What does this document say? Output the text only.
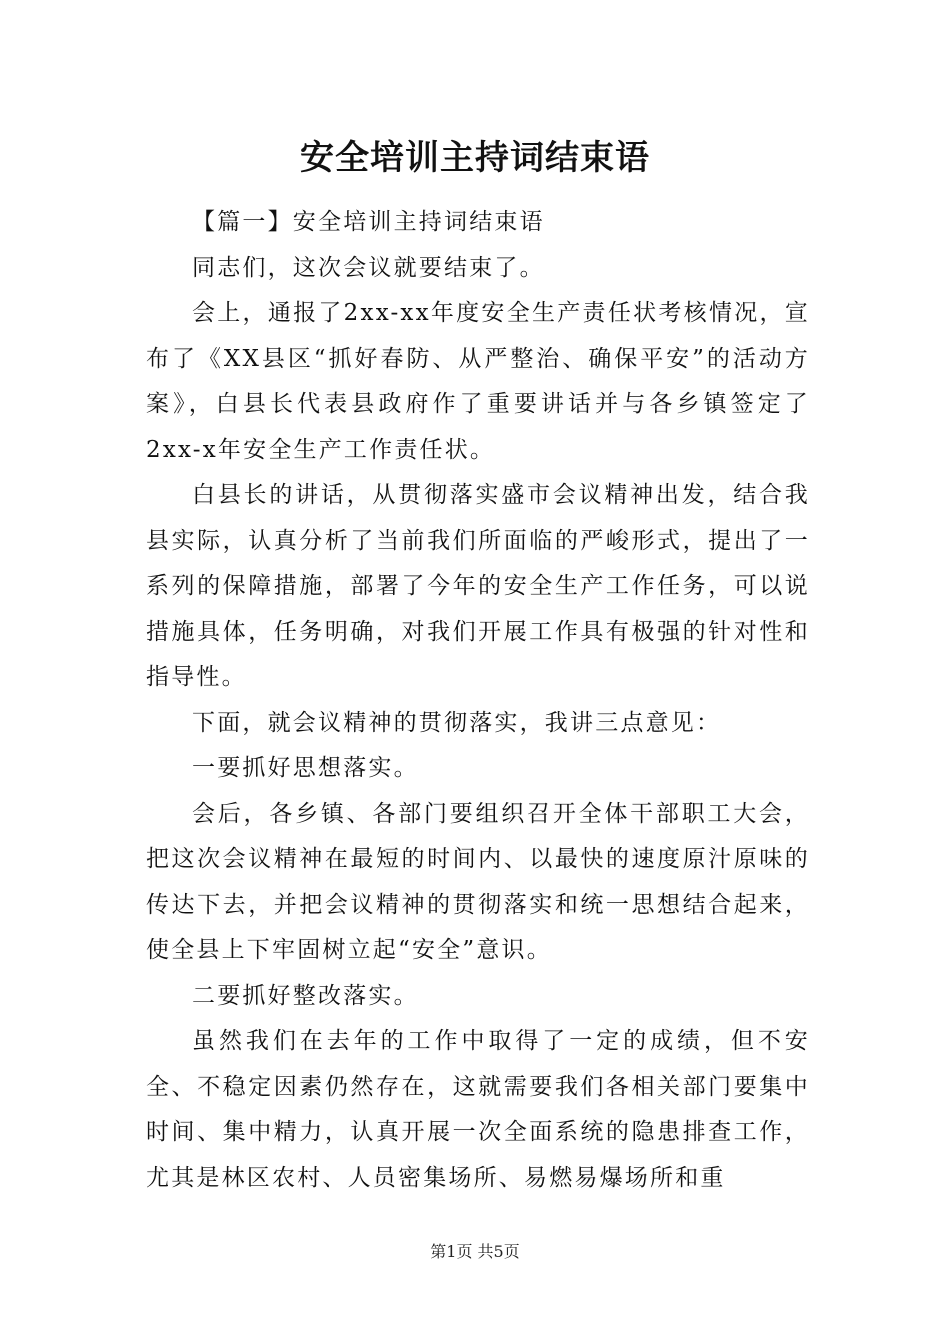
安全培训主持词结束语

【篇一】安全培训主持词结束语

同志们，这次会议就要结束了。

会上，通报了2xx-xx年度安全生产责任状考核情况，宣布了《XX县区“抓好春防、从严整治、确保平安”的活动方案》，白县长代表县政府作了重要讲话并与各乡镇签定了2xx-x年安全生产工作责任状。

白县长的讲话，从贯彻落实盛市会议精神出发，结合我县实际，认真分析了当前我们所面临的严峻形式，提出了一系列的保障措施，部署了今年的安全生产工作任务，可以说措施具体，任务明确，对我们开展工作具有极强的针对性和指导性。

下面，就会议精神的贯彻落实，我讲三点意见：

一要抓好思想落实。

会后，各乡镇、各部门要组织召开全体干部职工大会，把这次会议精神在最短的时间内、以最快的速度原汁原味的传达下去，并把会议精神的贯彻落实和统一思想结合起来，使全县上下牢固树立起“安全”意识。

二要抓好整改落实。

虽然我们在去年的工作中取得了一定的成绩，但不安全、不稳定因素仍然存在，这就需要我们各相关部门要集中时间、集中精力，认真开展一次全面系统的隐患排查工作，尤其是林区农村、人员密集场所、易燃易爆场所和重

第1页 共5页
